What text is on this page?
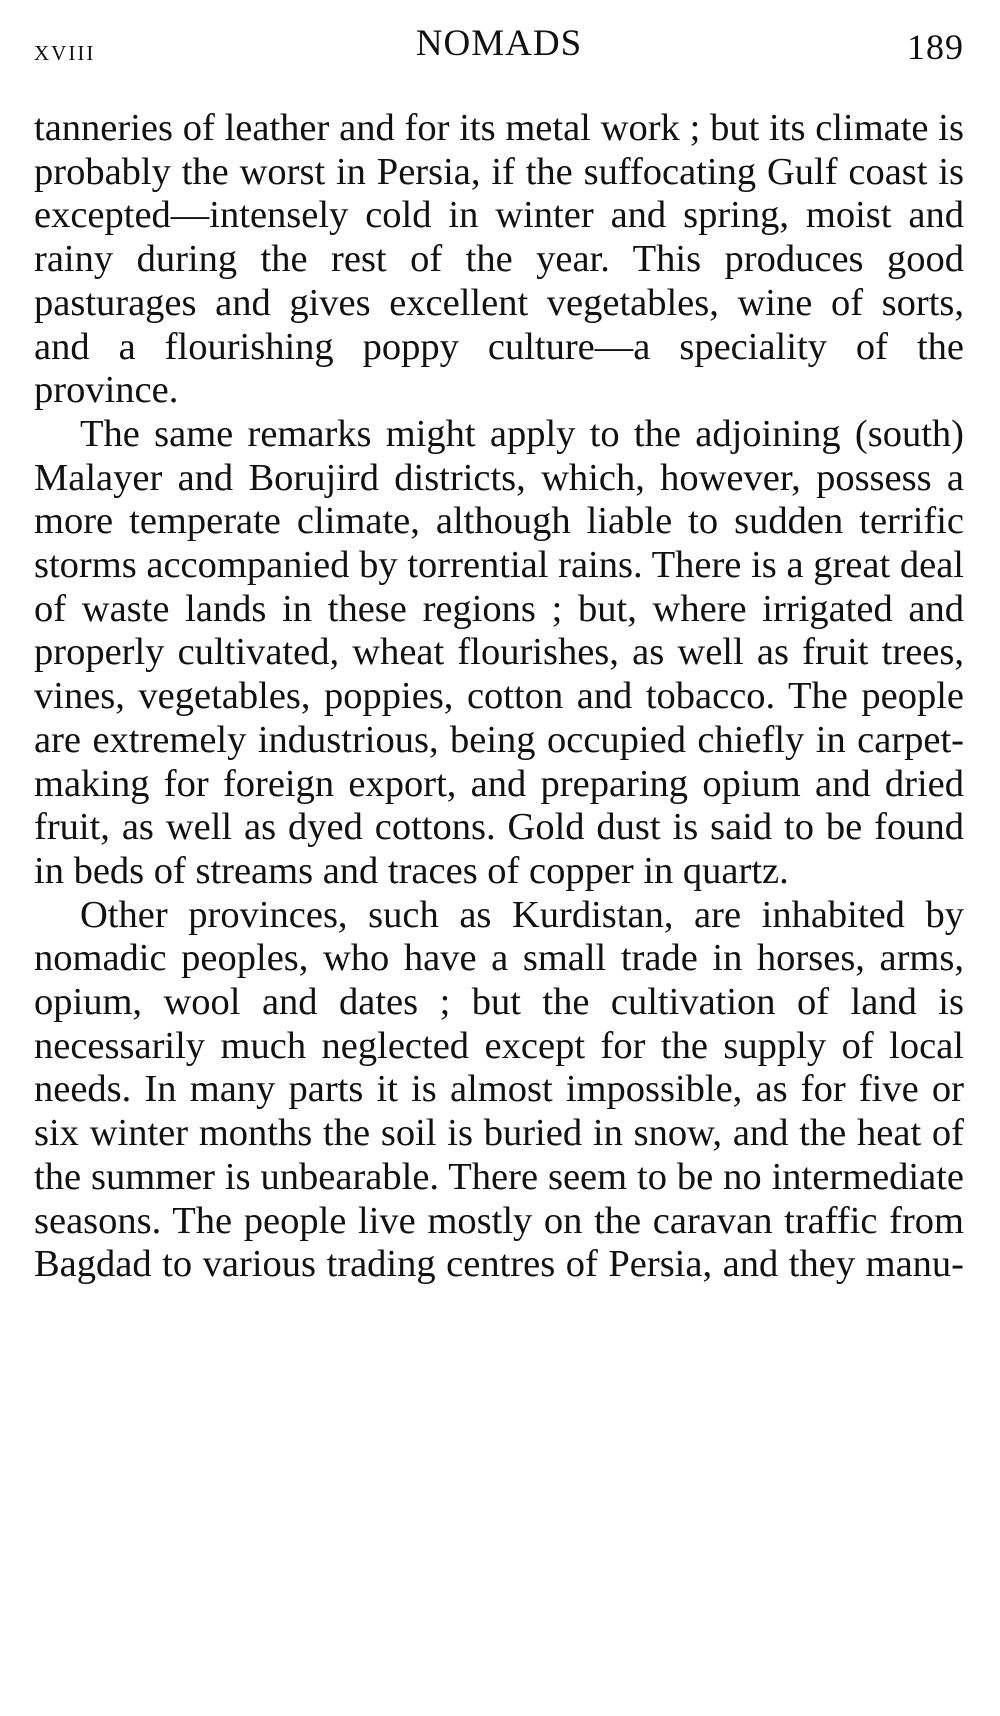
xviii	NOMADS	189

tanneries of leather and for its metal work ; but its climate is probably the worst in Persia, if the suffocating Gulf coast is excepted—intensely cold in winter and spring, moist and rainy during the rest of the year. This produces good pasturages and gives excellent vegetables, wine of sorts, and a flourishing poppy culture—a speciality of the province.

The same remarks might apply to the adjoining (south) Malayer and Borujird districts, which, however, possess a more temperate climate, although liable to sudden terrific storms accompanied by torrential rains. There is a great deal of waste lands in these regions ; but, where irrigated and properly cultivated, wheat flourishes, as well as fruit trees, vines, vegetables, poppies, cotton and tobacco. The people are extremely industrious, being occupied chiefly in carpet-making for foreign export, and preparing opium and dried fruit, as well as dyed cottons. Gold dust is said to be found in beds of streams and traces of copper in quartz.

Other provinces, such as Kurdistan, are inhabited by nomadic peoples, who have a small trade in horses, arms, opium, wool and dates ; but the cultivation of land is necessarily much neglected except for the supply of local needs. In many parts it is almost impossible, as for five or six winter months the soil is buried in snow, and the heat of the summer is unbearable. There seem to be no intermediate seasons. The people live mostly on the caravan traffic from Bagdad to various trading centres of Persia, and they manu-
